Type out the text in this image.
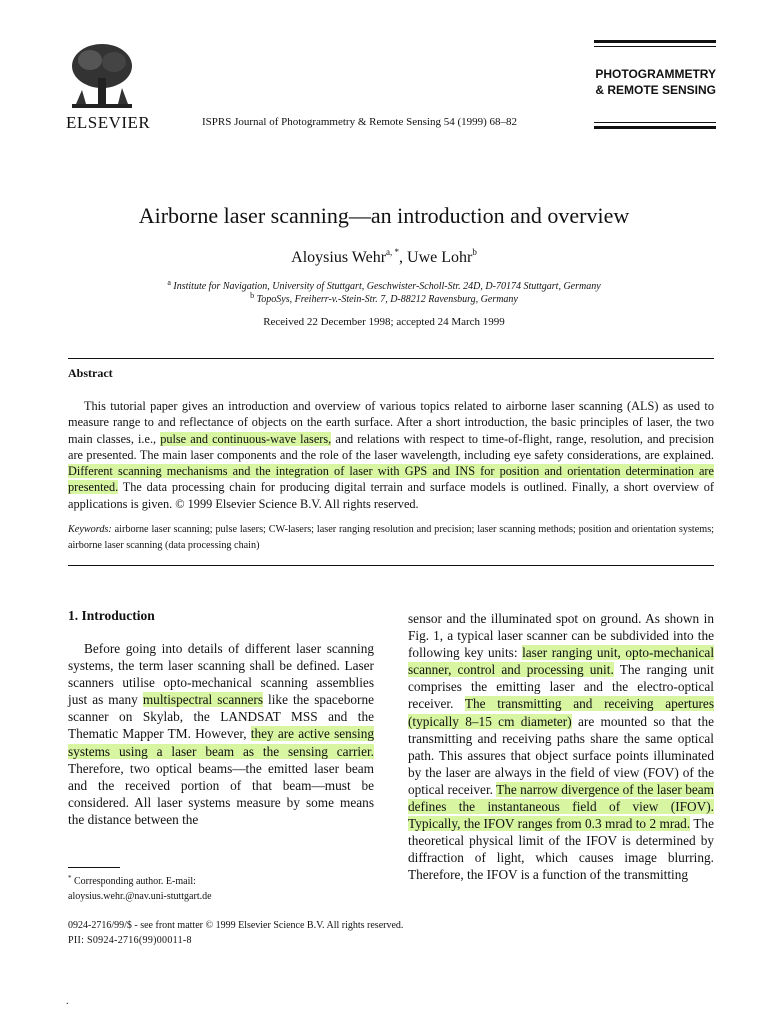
ELSEVIER	ISPRS Journal of Photogrammetry & Remote Sensing 54 (1999) 68–82
PHOTOGRAMMETRY
& REMOTE SENSING
Airborne laser scanning—an introduction and overview
Aloysius Wehr$^{a, *}$, Uwe Lohr$^b$
$^a$ Institute for Navigation, University of Stuttgart, Geschwister-Scholl-Str. 24D, D-70174 Stuttgart, Germany
$^b$ TopoSys, Freiherr-v.-Stein-Str. 7, D-88212 Ravensburg, Germany
Received 22 December 1998; accepted 24 March 1999
Abstract
This tutorial paper gives an introduction and overview of various topics related to airborne laser scanning (ALS) as used to measure range to and reflectance of objects on the earth surface. After a short introduction, the basic principles of laser, the two main classes, i.e., pulse and continuous-wave lasers, and relations with respect to time-of-flight, range, resolution, and precision are presented. The main laser components and the role of the laser wavelength, including eye safety considerations, are explained. Different scanning mechanisms and the integration of laser with GPS and INS for position and orientation determination are presented. The data processing chain for producing digital terrain and surface models is outlined. Finally, a short overview of applications is given. © 1999 Elsevier Science B.V. All rights reserved.
Keywords: airborne laser scanning; pulse lasers; CW-lasers; laser ranging resolution and precision; laser scanning methods; position and orientation systems; airborne laser scanning (data processing chain)
1. Introduction

Before going into details of different laser scanning systems, the term laser scanning shall be defined. Laser scanners utilise opto-mechanical scanning assemblies just as many multispectral scanners like the spaceborne scanner on Skylab, the LANDSAT MSS and the Thematic Mapper TM. However, they are active sensing systems using a laser beam as the sensing carrier. Therefore, two optical beams—the emitted laser beam and the received portion of that beam—must be considered. All laser systems measure by some means the distance between the

sensor and the illuminated spot on ground. As shown in Fig. 1, a typical laser scanner can be subdivided into the following key units: laser ranging unit, opto-mechanical scanner, control and processing unit. The ranging unit comprises the emitting laser and the electro-optical receiver. The transmitting and receiving apertures (typically 8–15 cm diameter) are mounted so that the transmitting and receiving paths share the same optical path. This assures that object surface points illuminated by the laser are always in the field of view (FOV) of the optical receiver. The narrow divergence of the laser beam defines the instantaneous field of view (IFOV). Typically, the IFOV ranges from 0.3 mrad to 2 mrad. The theoretical physical limit of the IFOV is determined by diffraction of light, which causes image blurring. Therefore, the IFOV is a function of the transmitting

* Corresponding author. E-mail:
aloysius.wehr.@nav.uni-stuttgart.de
0924-2716/99/$ - see front matter © 1999 Elsevier Science B.V. All rights reserved.
PII: S0924-2716(99)00011-8
.
